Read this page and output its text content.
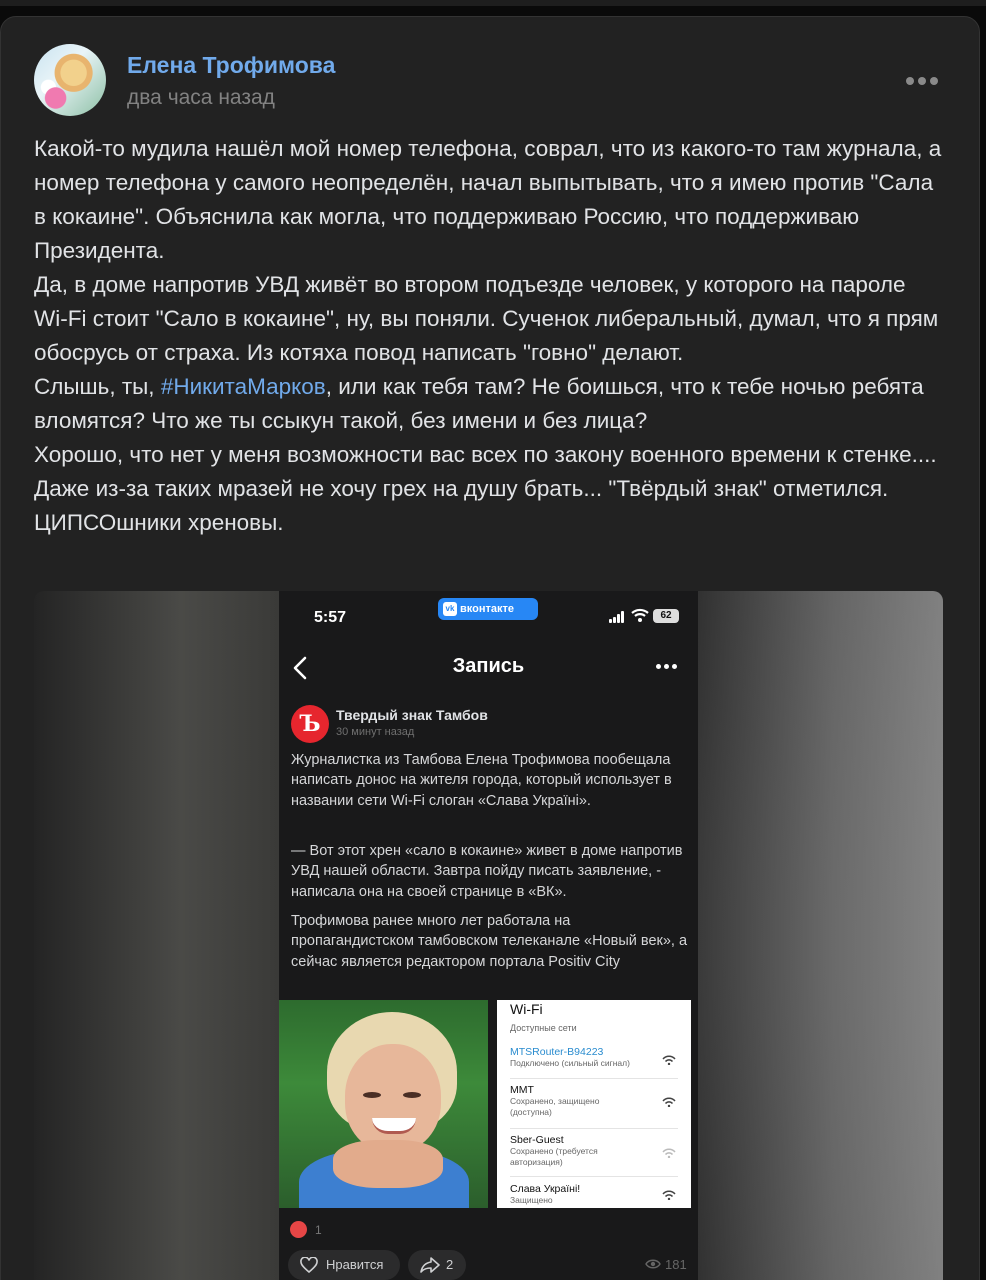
Елена Трофимова
два часа назад
Какой-то мудила нашёл мой номер телефона, соврал, что из какого-то там журнала, а номер телефона у самого неопределён, начал выпытывать, что я имею против "Сала в кокаине". Объяснила как могла, что поддерживаю Россию, что поддерживаю Президента.
Да, в доме напротив УВД живёт во втором подъезде человек, у которого на пароле Wi-Fi стоит "Сало в кокаине", ну, вы поняли. Сученок либеральный, думал, что я прям обосрусь от страха. Из котяха повод написать "говно" делают.
Слышь, ты, #НикитаМарков, или как тебя там? Не боишься, что к тебе ночью ребята вломятся? Что же ты ссыкун такой, без имени и без лица?
Хорошо, что нет у меня возможности вас всех по закону военного времени к стенке.... Даже из-за таких мразей не хочу грех на душу брать... "Твёрдый знак" отметился. ЦИПСОшники хреновы.
5:57
vk вконтакте
62
Запись
Ъ	Твердый знак Тамбов
30 минут назад
Журналистка из Тамбова Елена Трофимова пообещала написать донос на жителя города, который использует в названии сети Wi-Fi слоган «Слава Україні».
— Вот этот хрен «сало в кокаине» живет в доме напротив УВД нашей области. Завтра пойду писать заявление, - написала она на своей странице в «ВК».
Трофимова ранее много лет работала на пропагандистском тамбовском телеканале «Новый век», а сейчас является редактором портала Positiv City
Wi-Fi
Доступные сети
MTSRouter-B94223
Подключено (сильный сигнал)
MMT
Сохранено, защищено (доступна)
Sber-Guest
Сохранено (требуется авторизация)
Слава Україні!
Защищено
1
Нравится	2	181
